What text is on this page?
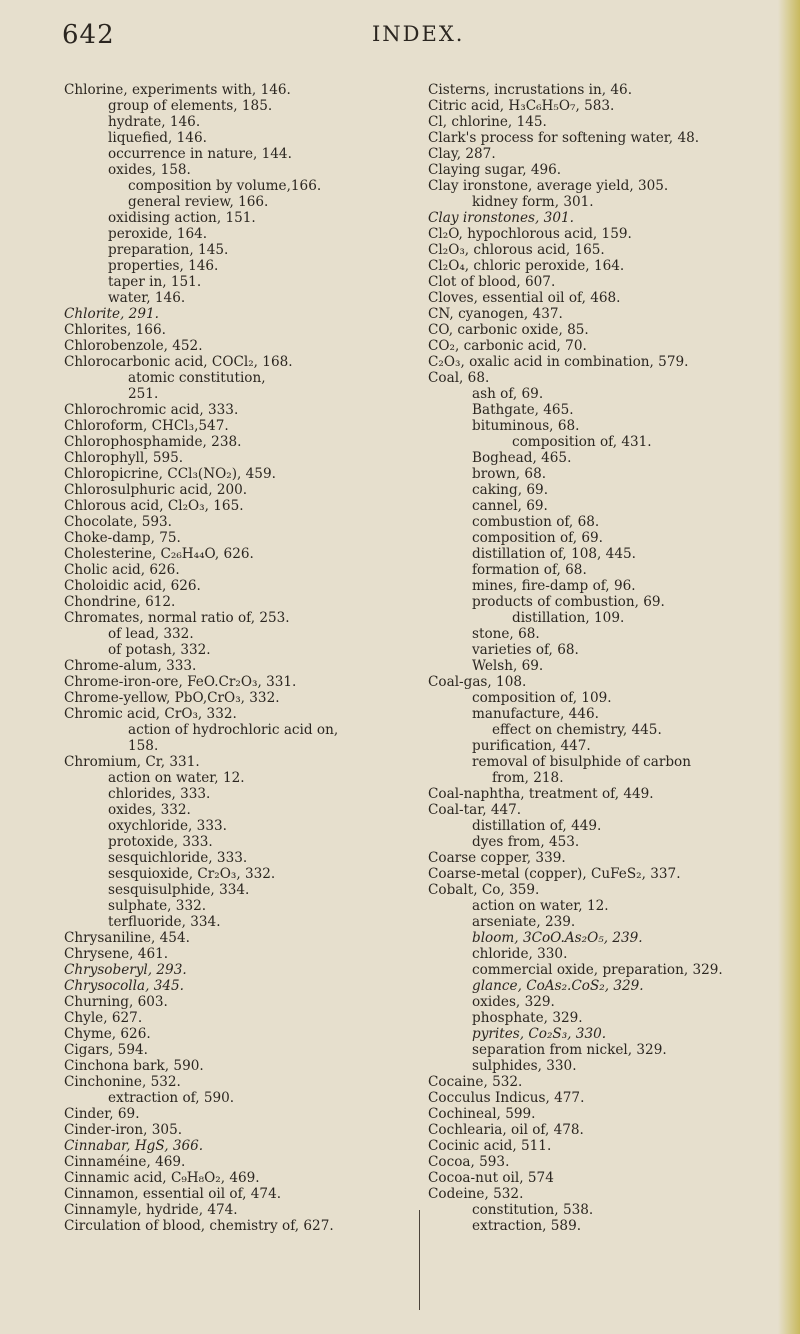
642	INDEX.
Chlorine, experiments with, 146.
group of elements, 185.
hydrate, 146.
liquefied, 146.
occurrence in nature, 144.
oxides, 158.
composition by volume,166.
general review, 166.
oxidising action, 151.
peroxide, 164.
preparation, 145.
properties, 146.
taper in, 151.
water, 146.
Chlorite, 291.
Chlorites, 166.
Chlorobenzole, 452.
Chlorocarbonic acid, COCl₂, 168.
atomic constitution,
251.
Chlorochromic acid, 333.
Chloroform, CHCl₃,547.
Chlorophosphamide, 238.
Chlorophyll, 595.
Chloropicrine, CCl₃(NO₂), 459.
Chlorosulphuric acid, 200.
Chlorous acid, Cl₂O₃, 165.
Chocolate, 593.
Choke-damp, 75.
Cholesterine, C₂₆H₄₄O, 626.
Cholic acid, 626.
Choloidic acid, 626.
Chondrine, 612.
Chromates, normal ratio of, 253.
of lead, 332.
of potash, 332.
Chrome-alum, 333.
Chrome-iron-ore, FeO.Cr₂O₃, 331.
Chrome-yellow, PbO,CrO₃, 332.
Chromic acid, CrO₃, 332.
action of hydrochloric acid on,
158.
Chromium, Cr, 331.
action on water, 12.
chlorides, 333.
oxides, 332.
oxychloride, 333.
protoxide, 333.
sesquichloride, 333.
sesquioxide, Cr₂O₃, 332.
sesquisulphide, 334.
sulphate, 332.
terfluoride, 334.
Chrysaniline, 454.
Chrysene, 461.
Chrysoberyl, 293.
Chrysocolla, 345.
Churning, 603.
Chyle, 627.
Chyme, 626.
Cigars, 594.
Cinchona bark, 590.
Cinchonine, 532.
extraction of, 590.
Cinder, 69.
Cinder-iron, 305.
Cinnabar, HgS, 366.
Cinnaméine, 469.
Cinnamic acid, C₉H₈O₂, 469.
Cinnamon, essential oil of, 474.
Cinnamyle, hydride, 474.
Circulation of blood, chemistry of, 627.
Cisterns, incrustations in, 46.
Citric acid, H₃C₆H₅O₇, 583.
Cl, chlorine, 145.
Clark's process for softening water, 48.
Clay, 287.
Claying sugar, 496.
Clay ironstone, average yield, 305.
kidney form, 301.
Clay ironstones, 301.
Cl₂O, hypochlorous acid, 159.
Cl₂O₃, chlorous acid, 165.
Cl₂O₄, chloric peroxide, 164.
Clot of blood, 607.
Cloves, essential oil of, 468.
CN, cyanogen, 437.
CO, carbonic oxide, 85.
CO₂, carbonic acid, 70.
C₂O₃, oxalic acid in combination, 579.
Coal, 68.
ash of, 69.
Bathgate, 465.
bituminous, 68.
composition of, 431.
Boghead, 465.
brown, 68.
caking, 69.
cannel, 69.
combustion of, 68.
composition of, 69.
distillation of, 108, 445.
formation of, 68.
mines, fire-damp of, 96.
products of combustion, 69.
distillation, 109.
stone, 68.
varieties of, 68.
Welsh, 69.
Coal-gas, 108.
composition of, 109.
manufacture, 446.
effect on chemistry, 445.
purification, 447.
removal of bisulphide of carbon
from, 218.
Coal-naphtha, treatment of, 449.
Coal-tar, 447.
distillation of, 449.
dyes from, 453.
Coarse copper, 339.
Coarse-metal (copper), CuFeS₂, 337.
Cobalt, Co, 359.
action on water, 12.
arseniate, 239.
bloom, 3CoO.As₂O₅, 239.
chloride, 330.
commercial oxide, preparation, 329.
glance, CoAs₂.CoS₂, 329.
oxides, 329.
phosphate, 329.
pyrites, Co₂S₃, 330.
separation from nickel, 329.
sulphides, 330.
Cocaine, 532.
Cocculus Indicus, 477.
Cochineal, 599.
Cochlearia, oil of, 478.
Cocinic acid, 511.
Cocoa, 593.
Cocoa-nut oil, 574
Codeine, 532.
constitution, 538.
extraction, 589.
